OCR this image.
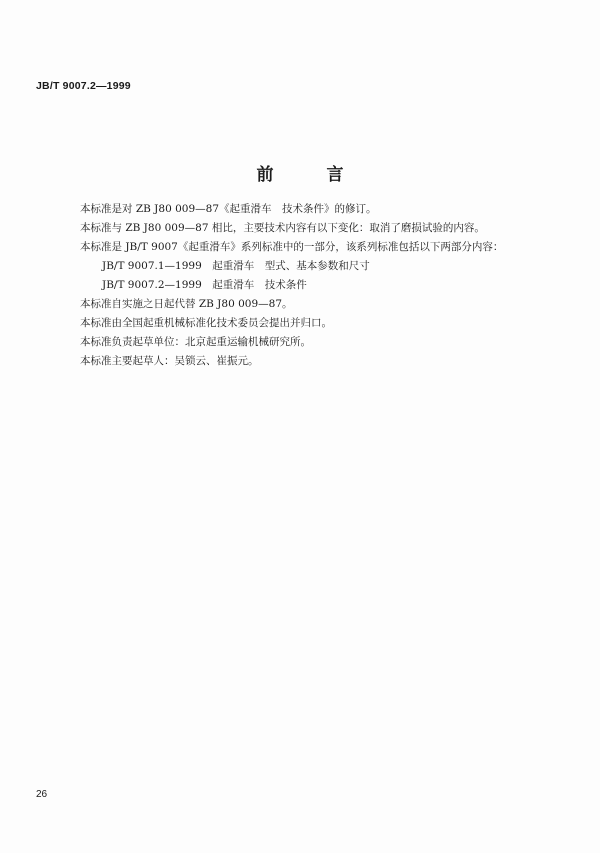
JB/T 9007.2—1999
前　言
本标准是对 ZB J80 009—87《起重滑车　技术条件》的修订。
本标准与 ZB J80 009—87 相比，主要技术内容有以下变化：取消了磨损试验的内容。
本标准是 JB/T 9007《起重滑车》系列标准中的一部分，该系列标准包括以下两部分内容：
JB/T 9007.1—1999　起重滑车　型式、基本参数和尺寸
JB/T 9007.2—1999　起重滑车　技术条件
本标准自实施之日起代替 ZB J80 009—87。
本标准由全国起重机械标准化技术委员会提出并归口。
本标准负责起草单位：北京起重运输机械研究所。
本标准主要起草人：吴锁云、崔振元。
26
